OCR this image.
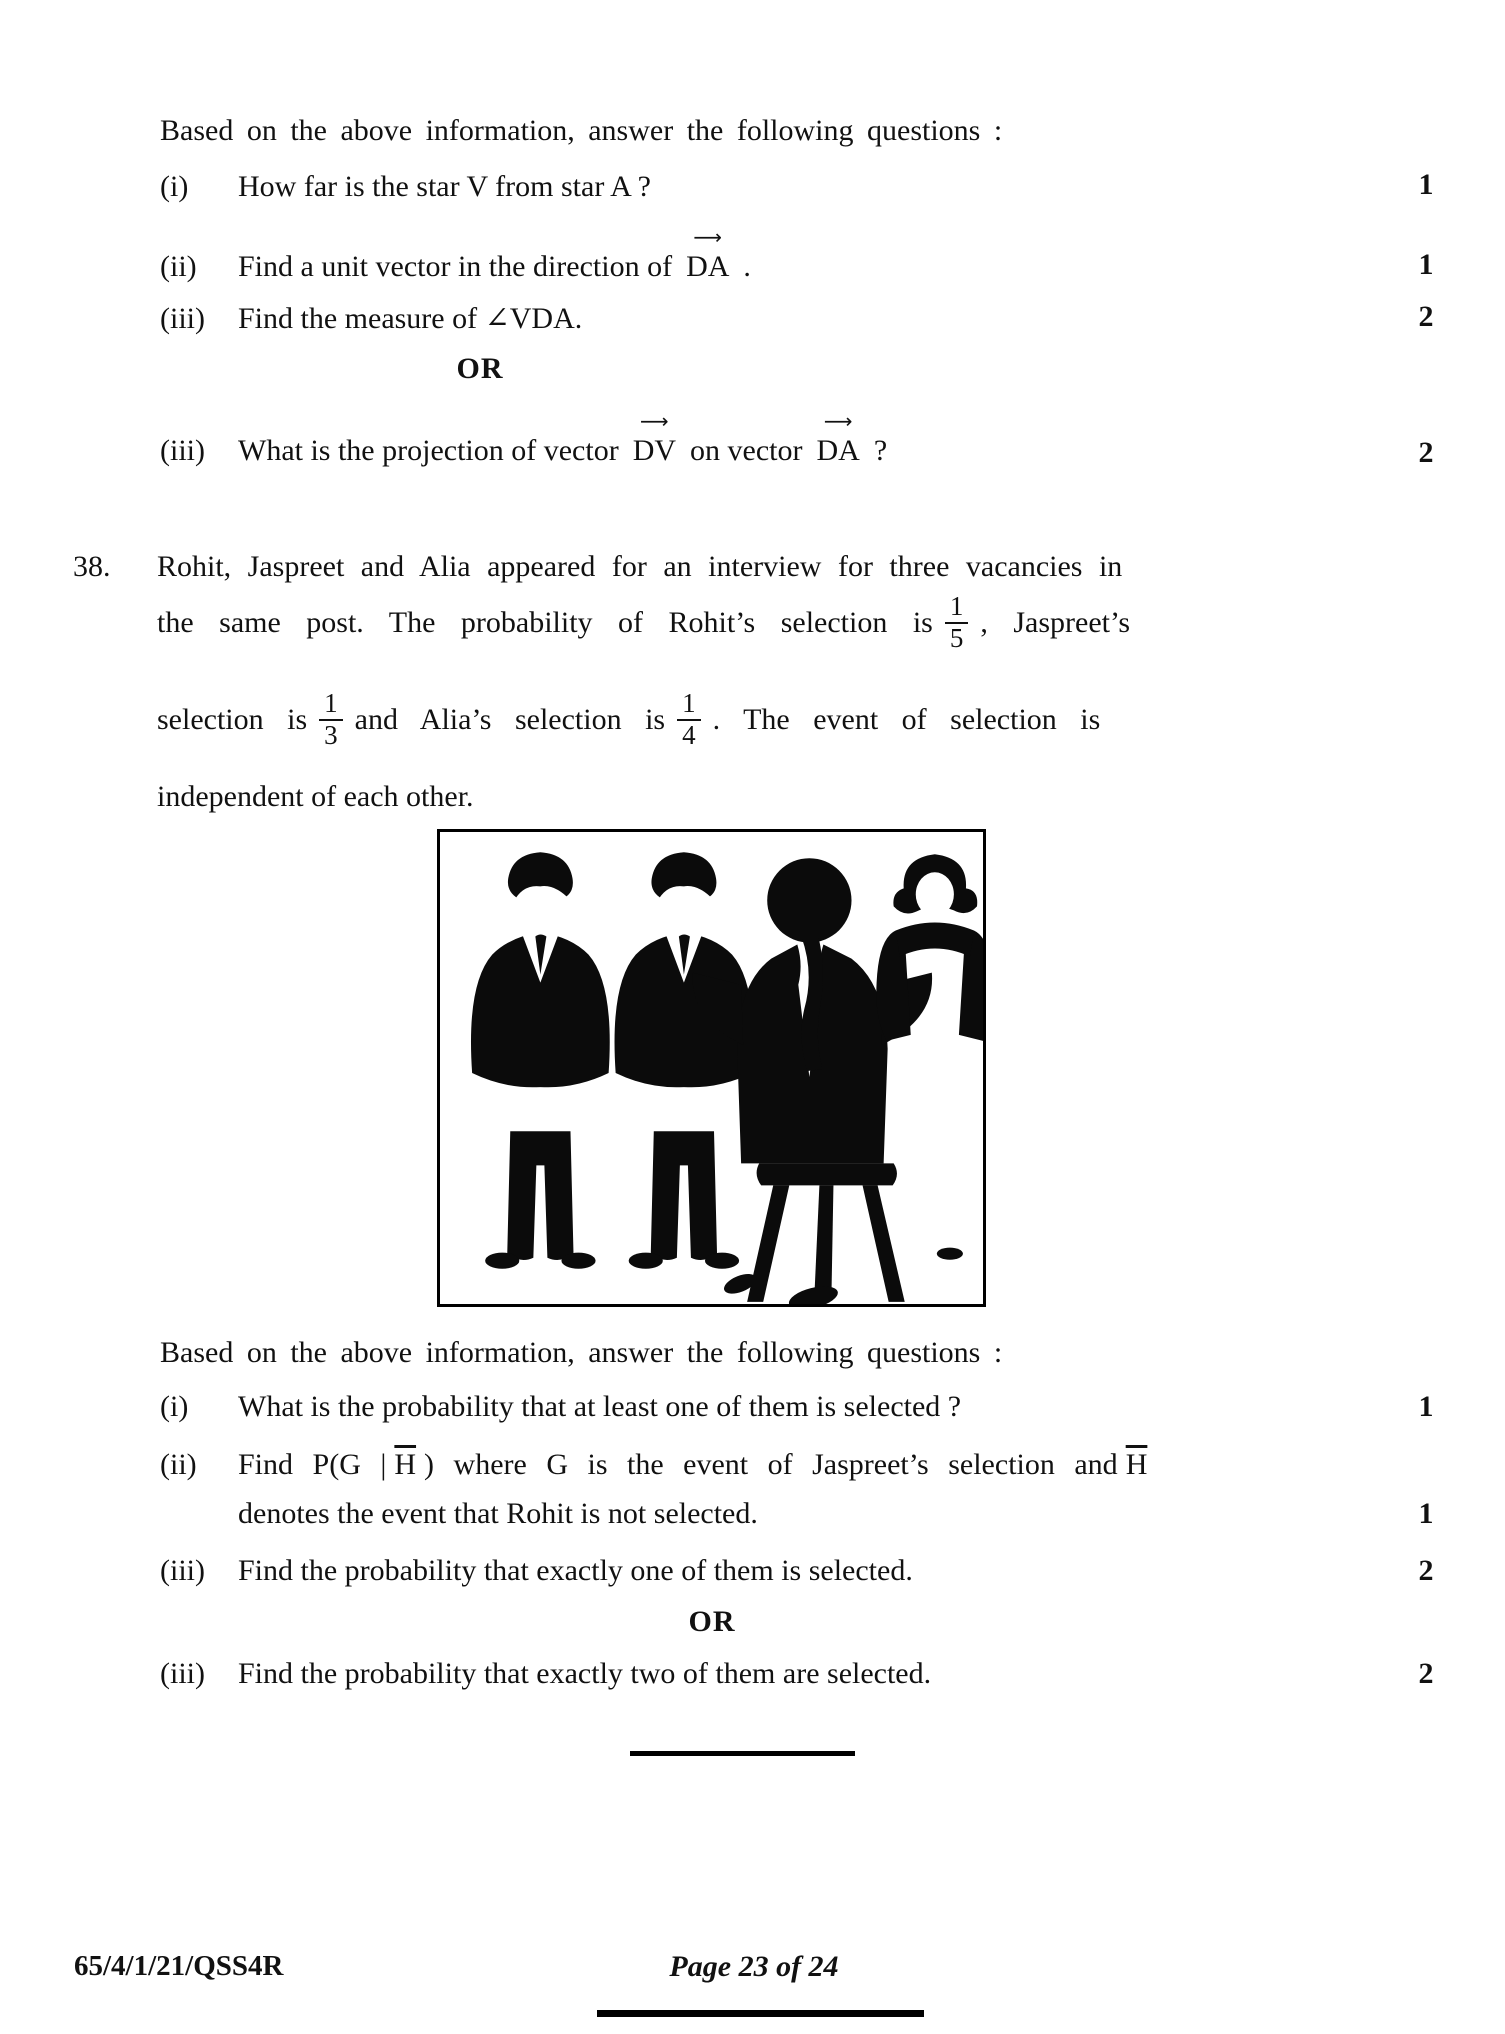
Based on the above information, answer the following questions :
(i) How far is the star V from star A ?	1
(ii) Find a unit vector in the direction of
⟶
DA .	1
(iii) Find the measure of ∠VDA.	2
OR
(iii) What is the projection of vector
⟶
DV on vector
⟶
DA ?	2
38. Rohit, Jaspreet and Alia appeared for an interview for three vacancies in
the same post. The probability of Rohit’s selection is $\frac{1}{5}$ , Jaspreet’s
selection is $\frac{1}{3}$ and Alia’s selection is $\frac{1}{4}$ . The event of selection is
independent of each other.
Based on the above information, answer the following questions :
(i) What is the probability that at least one of them is selected ?	1
(ii) Find P(G | $\overline{H}$ ) where G is the event of Jaspreet’s selection and $\overline{H}$
denotes the event that Rohit is not selected.	1
(iii) Find the probability that exactly one of them is selected.	2
OR
(iii) Find the probability that exactly two of them are selected.	2
65/4/1/21/QSS4R	Page 23 of 24
